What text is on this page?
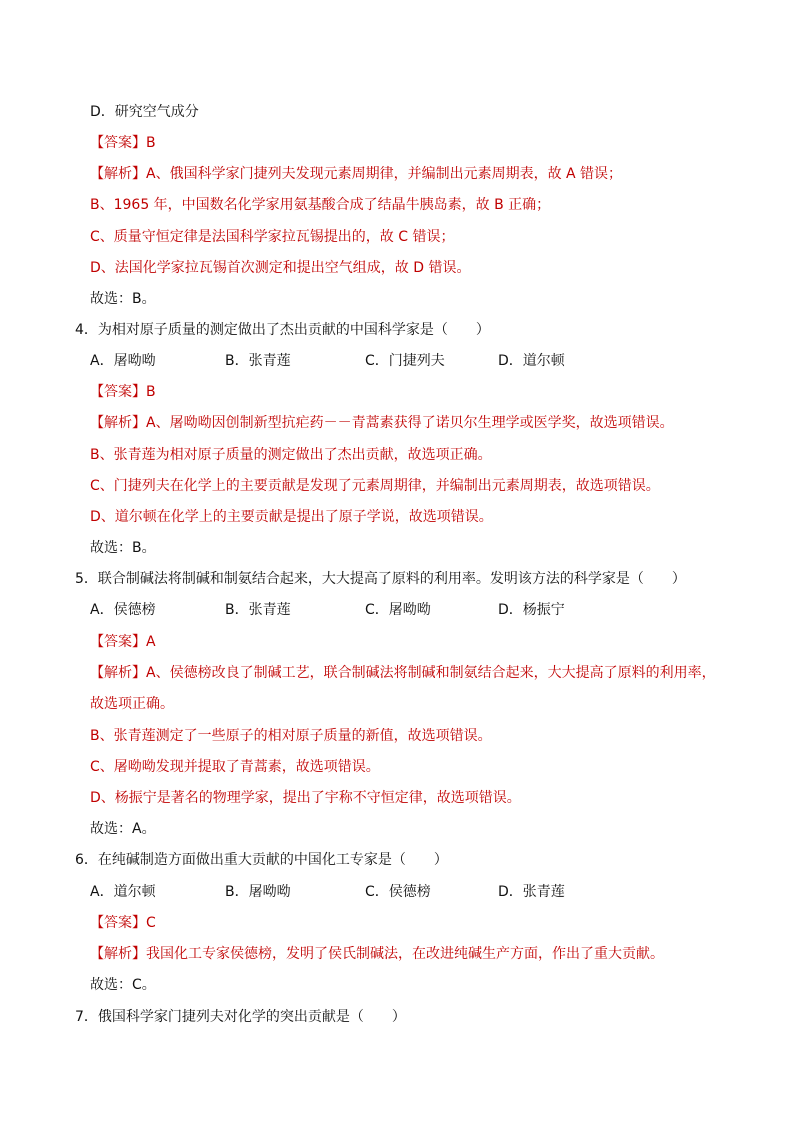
D．研究空气成分
【答案】B
【解析】A、俄国科学家门捷列夫发现元素周期律，并编制出元素周期表，故 A 错误；
B、1965 年，中国数名化学家用氨基酸合成了结晶牛胰岛素，故 B 正确；
C、质量守恒定律是法国科学家拉瓦锡提出的，故 C 错误；
D、法国化学家拉瓦锡首次测定和提出空气组成，故 D 错误。
故选：B。
4．为相对原子质量的测定做出了杰出贡献的中国科学家是（　　）
A．屠呦呦	B．张青莲	C．门捷列夫	D．道尔顿
【答案】B
【解析】A、屠呦呦因创制新型抗疟药－－青蒿素获得了诺贝尔生理学或医学奖，故选项错误。
B、张青莲为相对原子质量的测定做出了杰出贡献，故选项正确。
C、门捷列夫在化学上的主要贡献是发现了元素周期律，并编制出元素周期表，故选项错误。
D、道尔顿在化学上的主要贡献是提出了原子学说，故选项错误。
故选：B。
5．联合制碱法将制碱和制氨结合起来，大大提高了原料的利用率。发明该方法的科学家是（　　）
A．侯德榜	B．张青莲	C．屠呦呦	D．杨振宁
【答案】A
【解析】A、侯德榜改良了制碱工艺，联合制碱法将制碱和制氨结合起来，大大提高了原料的利用率，
故选项正确。
B、张青莲测定了一些原子的相对原子质量的新值，故选项错误。
C、屠呦呦发现并提取了青蒿素，故选项错误。
D、杨振宁是著名的物理学家，提出了宇称不守恒定律，故选项错误。
故选：A。
6．在纯碱制造方面做出重大贡献的中国化工专家是（　　）
A．道尔顿	B．屠呦呦	C．侯德榜	D．张青莲
【答案】C
【解析】我国化工专家侯德榜，发明了侯氏制碱法，在改进纯碱生产方面，作出了重大贡献。
故选：C。
7．俄国科学家门捷列夫对化学的突出贡献是（　　）
